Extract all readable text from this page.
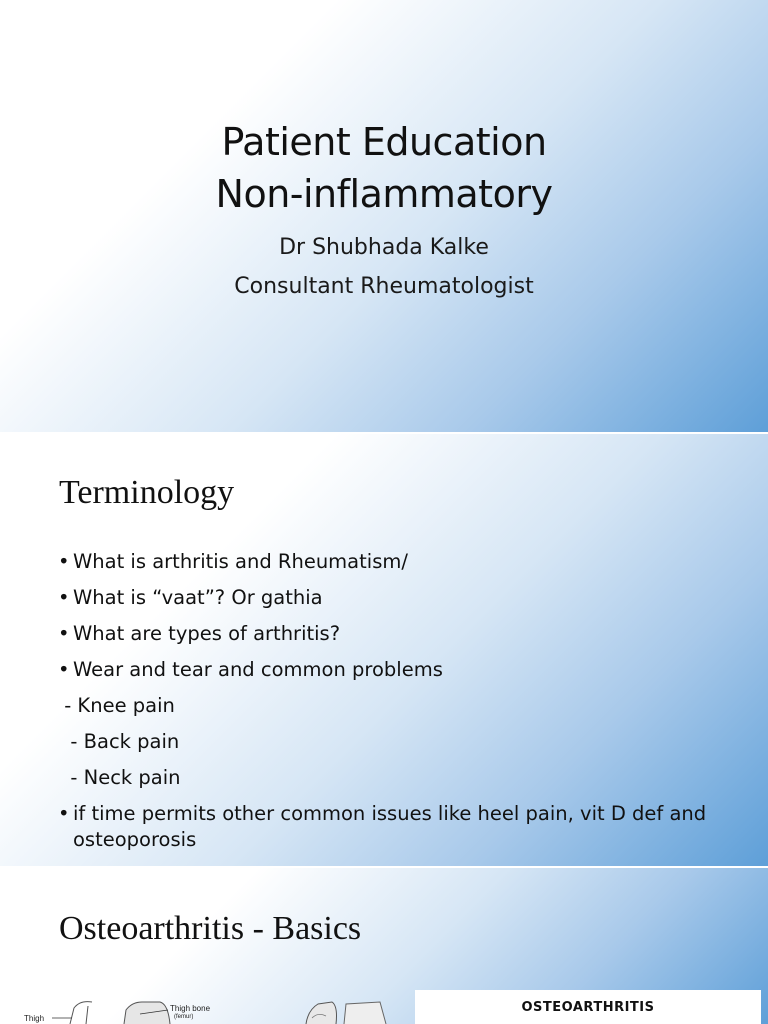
Patient Education
Non-inflammatory
Dr Shubhada Kalke
Consultant Rheumatologist
Terminology
• What is arthritis and Rheumatism/
• What is “vaat”? Or gathia
• What are types of arthritis?
• Wear and tear and common problems
- Knee pain
- Back pain
- Neck pain
• if time permits other common issues like heel pain, vit D def and osteoporosis
Osteoarthritis - Basics
Thigh
Thigh bone
(femur)
OSTEOARTHRITIS
